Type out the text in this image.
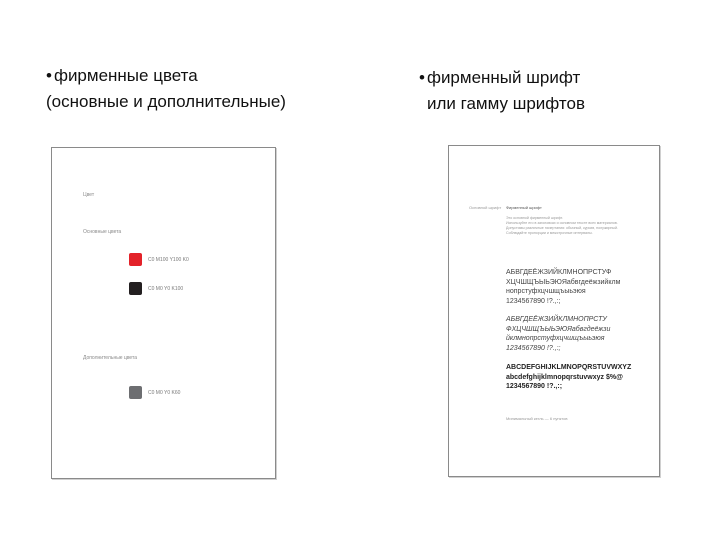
• фирменные цвета
(основные и дополнительные)
• фирменный шрифт
или гамму шрифтов
Цвет
Основные цвета
C0 M100 Y100 K0
C0 M0 Y0 K100
Дополнительные цвета
C0 M0 Y0 K60
Основной шрифт Фирменный шрифт
Это основной фирменный шрифт.
Используйте его в заголовках и основном тексте всех материалов.
Допустимы различные начертания: обычный, курсив, полужирный.
Соблюдайте пропорции и межстрочные интервалы.
АБВГДЕЁЖЗИЙКЛМНОПРСТУФ
ХЦЧШЩЪЫЬЭЮЯабвгдеёжзийклм
нопрстуфхцчшщъыьэюя
1234567890 !?.,:;
АБВГДЕЁЖЗИЙКЛМНОПРСТУ
ФХЦЧШЩЪЫЬЭЮЯабвгдеёжзи
йклмнопрстуфхцчшщъыьэюя
1234567890 !?.,:;
ABCDEFGHIJKLMNOPQRSTUVWXYZ
abcdefghijklmnopqrstuvwxyz $%@
1234567890 !?.,:;
Минимальный кегль — 6 пунктов
